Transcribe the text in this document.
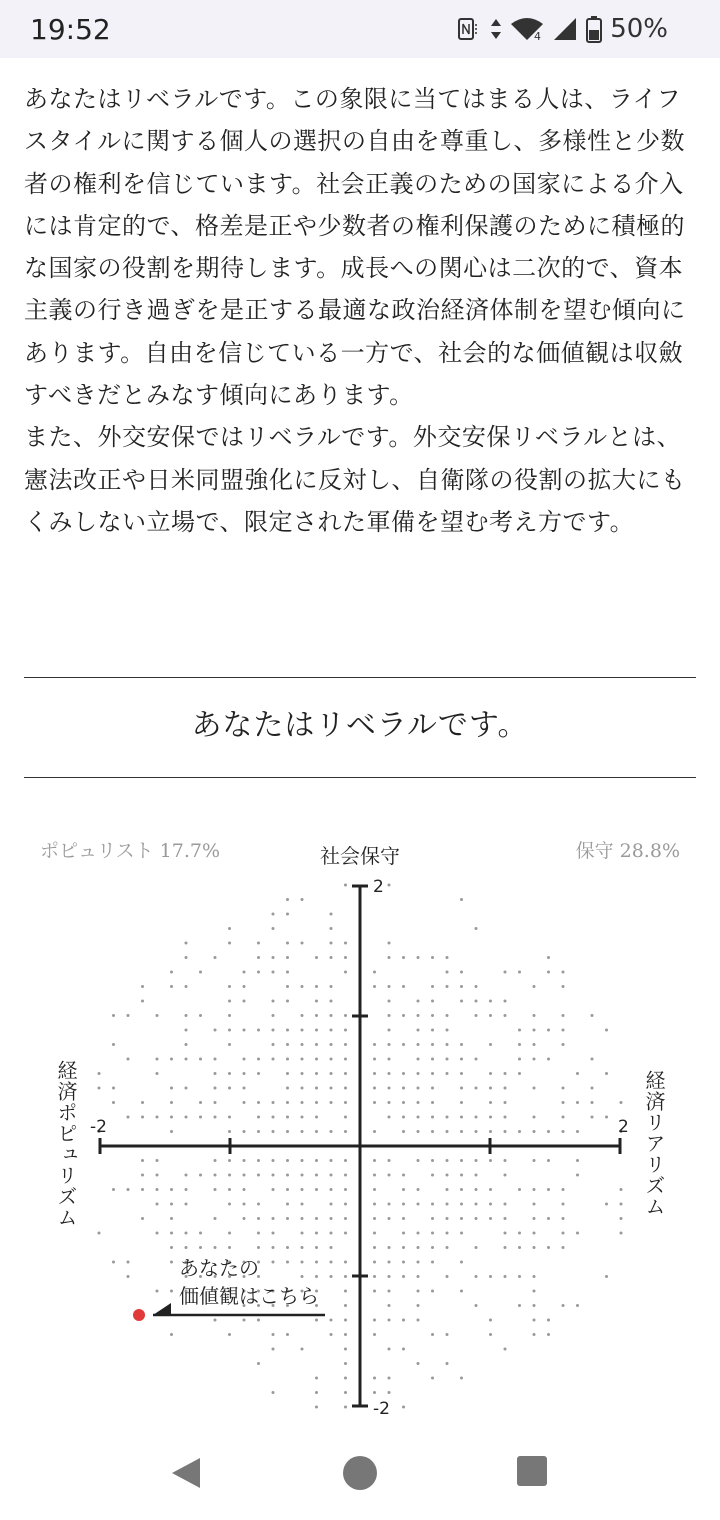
19:52	4	50%

あなたはリベラルです。この象限に当てはまる人は、ライフスタイルに関する個人の選択の自由を尊重し、多様性と少数者の権利を信じています。社会正義のための国家による介入には肯定的で、格差是正や少数者の権利保護のために積極的な国家の役割を期待します。成長への関心は二次的で、資本主義の行き過ぎを是正する最適な政治経済体制を望む傾向にあります。自由を信じている一方で、社会的な価値観は収斂すべきだとみなす傾向にあります。

また、外交安保ではリベラルです。外交安保リベラルとは、憲法改正や日米同盟強化に反対し、自衛隊の役割の拡大にもくみしない立場で、限定された軍備を望む考え方です。

あなたはリベラルです。
ポピュリスト 17.7%	保守 28.8%
社会保守
経済ポピュリズム	経済リアリズム
2
-2
-2	2
あなたの
価値観はこちら
